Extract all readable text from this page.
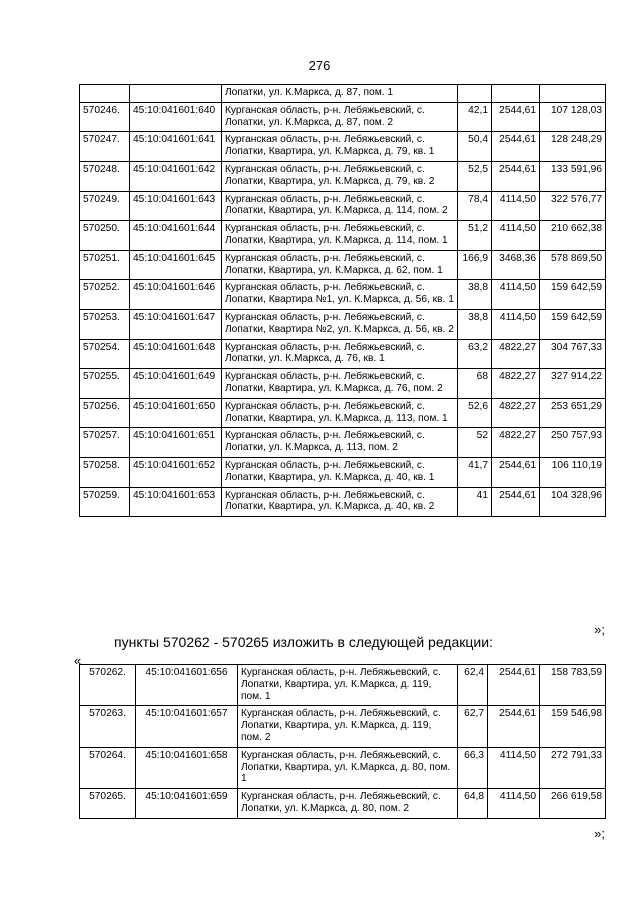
276
		Лопатки, ул. К.Маркса, д. 87, пом. 1			
570246.	45:10:041601:640	Курганская область, р-н. Лебяжьевский, с. Лопатки, ул. К.Маркса, д. 87, пом. 2	42,1	2544,61	107 128,03
570247.	45:10:041601:641	Курганская область, р-н. Лебяжьевский, с. Лопатки, Квартира, ул. К.Маркса, д. 79, кв. 1	50,4	2544,61	128 248,29
570248.	45:10:041601:642	Курганская область, р-н. Лебяжьевский, с. Лопатки, Квартира, ул. К.Маркса, д. 79, кв. 2	52,5	2544,61	133 591,96
570249.	45:10:041601:643	Курганская область, р-н. Лебяжьевский, с. Лопатки, Квартира, ул. К.Маркса, д. 114, пом. 2	78,4	4114,50	322 576,77
570250.	45:10:041601:644	Курганская область, р-н. Лебяжьевский, с. Лопатки, Квартира, ул. К.Маркса, д. 114, пом. 1	51,2	4114,50	210 662,38
570251.	45:10:041601:645	Курганская область, р-н. Лебяжьевский, с. Лопатки, Квартира, ул. К.Маркса, д. 62, пом. 1	166,9	3468,36	578 869,50
570252.	45:10:041601:646	Курганская область, р-н. Лебяжьевский, с. Лопатки, Квартира №1, ул. К.Маркса, д. 56, кв. 1	38,8	4114,50	159 642,59
570253.	45:10:041601:647	Курганская область, р-н. Лебяжьевский, с. Лопатки, Квартира №2, ул. К.Маркса, д. 56, кв. 2	38,8	4114,50	159 642,59
570254.	45:10:041601:648	Курганская область, р-н. Лебяжьевский, с. Лопатки, ул. К.Маркса, д. 76, кв. 1	63,2	4822,27	304 767,33
570255.	45:10:041601:649	Курганская область, р-н. Лебяжьевский, с. Лопатки, Квартира, ул. К.Маркса, д. 76, пом. 2	68	4822,27	327 914,22
570256.	45:10:041601:650	Курганская область, р-н. Лебяжьевский, с. Лопатки, Квартира, ул. К.Маркса, д. 113, пом. 1	52,6	4822,27	253 651,29
570257.	45:10:041601:651	Курганская область, р-н. Лебяжьевский, с. Лопатки, ул. К.Маркса, д. 113, пом. 2	52	4822,27	250 757,93
570258.	45:10:041601:652	Курганская область, р-н. Лебяжьевский, с. Лопатки, Квартира, ул. К.Маркса, д. 40, кв. 1	41,7	2544,61	106 110,19
570259.	45:10:041601:653	Курганская область, р-н. Лебяжьевский, с. Лопатки, Квартира, ул. К.Маркса, д. 40, кв. 2	41	2544,61	104 328,96
»;
пункты 570262 - 570265 изложить в следующей редакции:
«
570262.	45:10:041601:656	Курганская область, р-н. Лебяжьевский, с. Лопатки, Квартира, ул. К.Маркса, д. 119, пом. 1	62,4	2544,61	158 783,59
570263.	45:10:041601:657	Курганская область, р-н. Лебяжьевский, с. Лопатки, Квартира, ул. К.Маркса, д. 119, пом. 2	62,7	2544,61	159 546,98
570264.	45:10:041601:658	Курганская область, р-н. Лебяжьевский, с. Лопатки, Квартира, ул. К.Маркса, д. 80, пом. 1	66,3	4114,50	272 791,33
570265.	45:10:041601:659	Курганская область, р-н. Лебяжьевский, с. Лопатки, ул. К.Маркса, д. 80, пом. 2	64,8	4114,50	266 619,58
»;
